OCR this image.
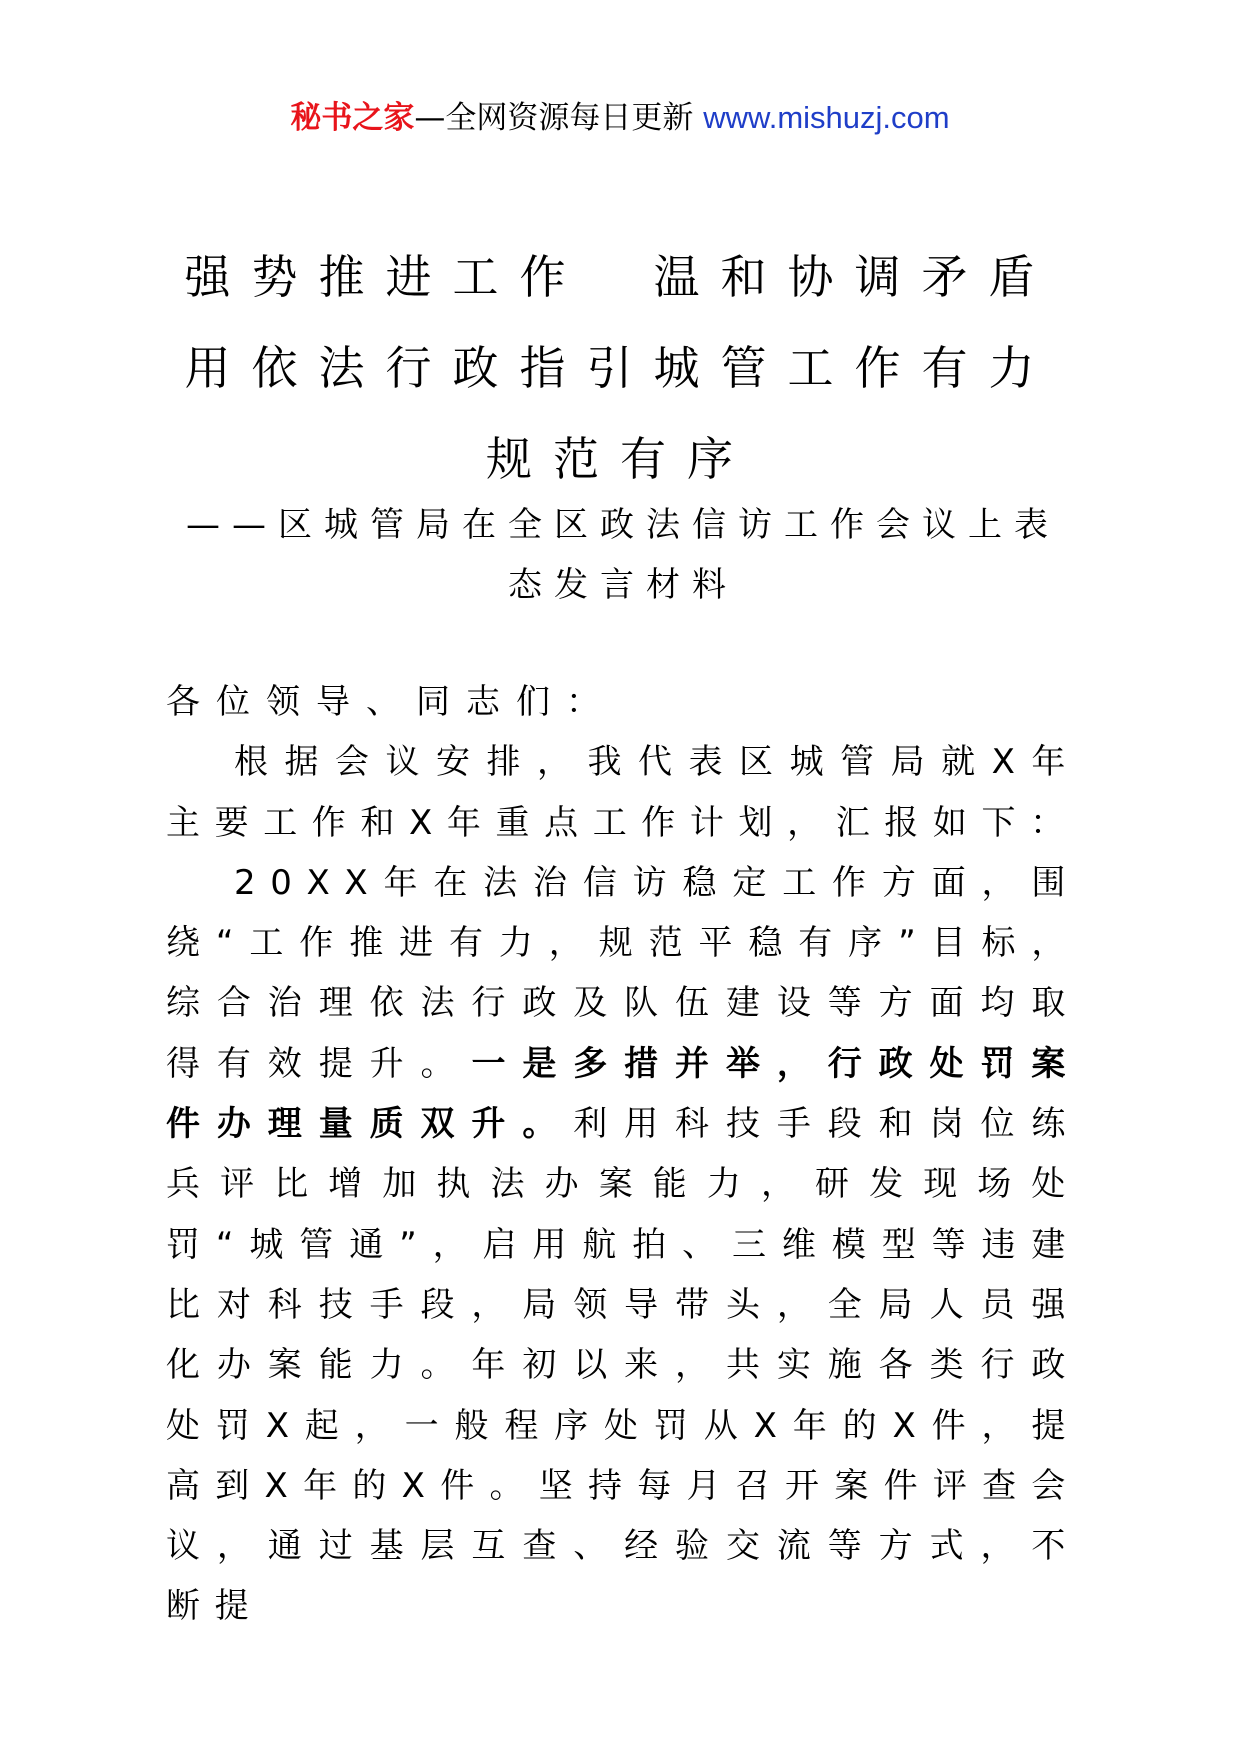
秘书之家—全网资源每日更新 www.mishuzj.com
强势推进工作　温和协调矛盾
用依法行政指引城管工作有力
规范有序
——区城管局在全区政法信访工作会议上表态发言材料

各位领导、同志们：

根据会议安排，我代表区城管局就X年主要工作和X年重点工作计划，汇报如下：

20XX年在法治信访稳定工作方面，围绕“工作推进有力，规范平稳有序”目标，综合治理依法行政及队伍建设等方面均取得有效提升。一是多措并举，行政处罚案件办理量质双升。利用科技手段和岗位练兵评比增加执法办案能力，研发现场处罚“城管通”，启用航拍、三维模型等违建比对科技手段，局领导带头，全局人员强化办案能力。年初以来，共实施各类行政处罚X起，一般程序处罚从X年的X件，提高到X年的X件。坚持每月召开案件评查会议，通过基层互查、经验交流等方式，不断提
